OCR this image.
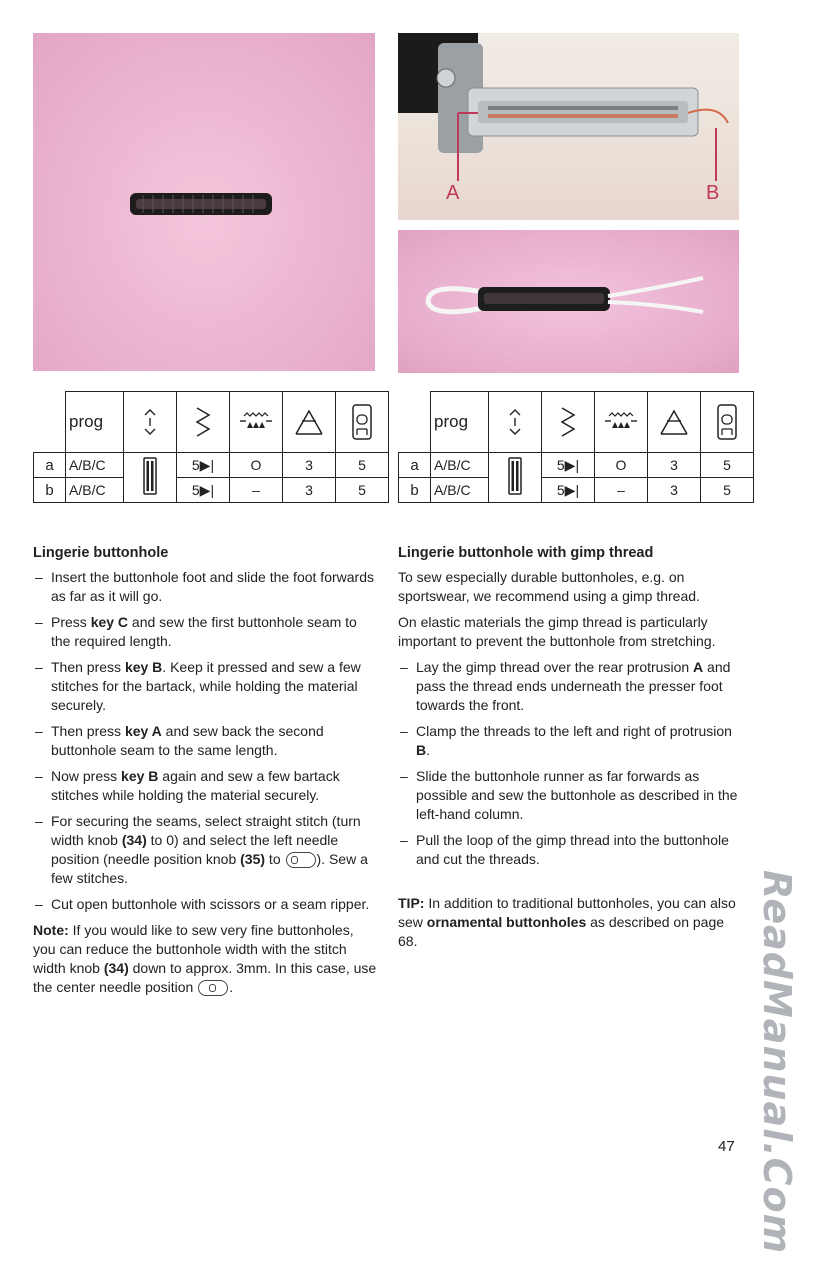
A	B
	prog	

a	A/B/C		5▶|	O	3	5
b	A/B/C		5▶|	–	3	5
	prog	

a	A/B/C		5▶|	O	3	5
b	A/B/C		5▶|	–	3	5
Lingerie buttonhole
– Insert the buttonhole foot and slide the foot forwards as far as it will go.
– Press key C and sew the first buttonhole seam to the required length.
– Then press key B. Keep it pressed and sew a few stitches for the bartack, while holding the material securely.
– Then press key A and sew back the second buttonhole seam to the same length.
– Now press key B again and sew a few bartack stitches while holding the material securely.
– For securing the seams, select straight stitch (turn width knob (34) to 0) and select the left needle position (needle position knob (35) to ). Sew a few stitches.
– Cut open buttonhole with scissors or a seam ripper.

Note: If you would like to sew very fine buttonholes, you can reduce the buttonhole width with the stitch width knob (34) down to approx. 3mm. In this case, use the center needle position .

Lingerie buttonhole with gimp thread

To sew especially durable buttonholes, e.g. on sportswear, we recommend using a gimp thread.

On elastic materials the gimp thread is particularly important to prevent the buttonhole from stretching.

– Lay the gimp thread over the rear protrusion A and pass the thread ends underneath the presser foot towards the front.
– Clamp the threads to the left and right of protrusion B.
– Slide the buttonhole runner as far forwards as possible and sew the buttonhole as described in the left-hand column.
– Pull the loop of the gimp thread into the buttonhole and cut the threads.

TIP: In addition to traditional buttonholes, you can also sew ornamental buttonholes as described on page 68.	ReadManual.Com
47
